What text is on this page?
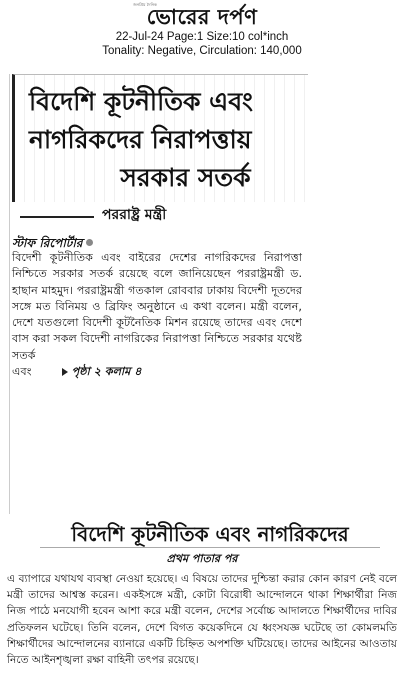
জনপ্রিয় দৈনিক
ভোরের দর্পণ
22-Jul-24 Page:1 Size:10 col*inch
Tonality: Negative, Circulation: 140,000
বিদেশি কূটনীতিক এবং
নাগরিকদের নিরাপত্তায়
সরকার সতর্ক
পররাষ্ট্র মন্ত্রী
স্টাফ রিপোর্টার

বিদেশী কূটনীতিক এবং বাইরের দেশের নাগরিকদের নিরাপত্তা নিশ্চিতে সরকার সতর্ক রয়েছে বলে জানিয়েছেন পররাষ্ট্রমন্ত্রী ড. হাছান মাহমুদ। পররাষ্ট্রমন্ত্রী গতকাল রোববার ঢাকায় বিদেশী দূতদের সঙ্গে মত বিনিময় ও ব্রিফিং অনুষ্ঠানে এ কথা বলেন। মন্ত্রী বলেন, দেশে যতগুলো বিদেশী কূটনৈতিক মিশন রয়েছে তাদের এবং দেশে বাস করা সকল বিদেশী নাগরিকের নিরাপত্তা নিশ্চিতে সরকার যথেষ্ট সতর্ক

এবং	পৃষ্ঠা ২ কলাম ৪
বিদেশি কূটনীতিক এবং নাগরিকদের
প্রথম পাতার পর

এ ব্যাপারে যথাযথ ব্যবস্থা নেওয়া হয়েছে। এ বিষয়ে তাদের দুশ্চিন্তা করার কোন কারণ নেই বলে মন্ত্রী তাদের আশ্বস্ত করেন। একইসঙ্গে মন্ত্রী, কোটা বিরোধী আন্দোলনে থাকা শিক্ষার্থীরা নিজ নিজ পাঠে মনযোগী হবেন আশা করে মন্ত্রী বলেন, দেশের সর্বোচ্চ আদালতে শিক্ষার্থীদের দাবির প্রতিফলন ঘটেছে। তিনি বলেন, দেশে বিগত কয়েকদিনে যে ধ্বংসযজ্ঞ ঘটেছে তা কোমলমতি শিক্ষার্থীদের আন্দোলনের ব্যানারে একটি চিহ্নিত অপশক্তি ঘটিয়েছে। তাদের আইনের আওতায় নিতে আইনশৃঙ্খলা রক্ষা বাহিনী তৎপর রয়েছে।
